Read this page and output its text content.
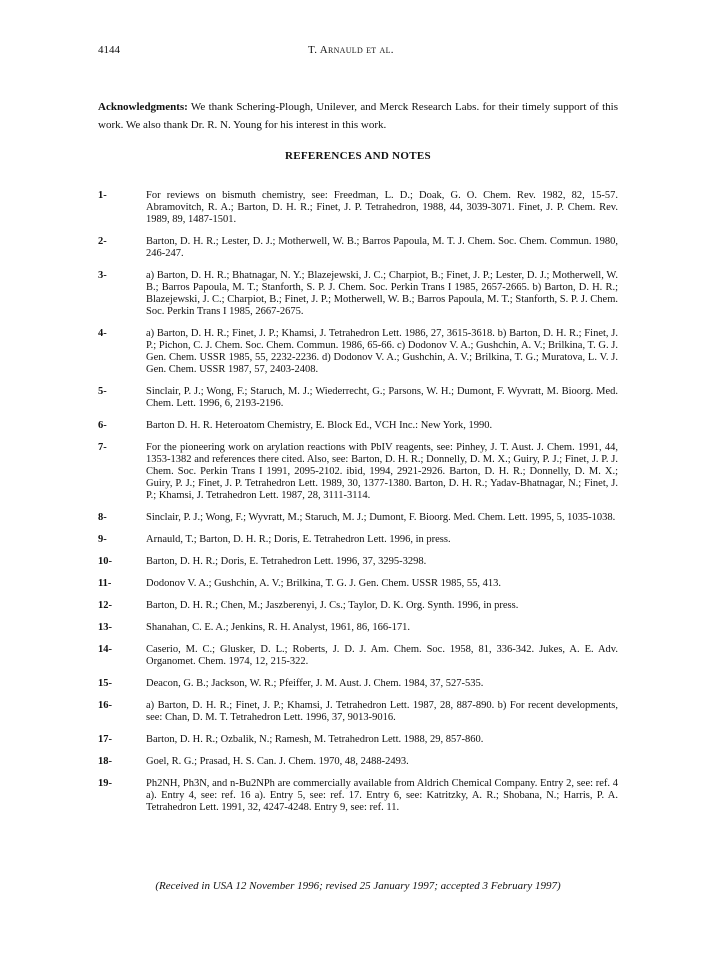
4144	T. Arnauld et al.
Acknowledgments: We thank Schering-Plough, Unilever, and Merck Research Labs. for their timely support of this work. We also thank Dr. R. N. Young for his interest in this work.
REFERENCES AND NOTES
1-	For reviews on bismuth chemistry, see: Freedman, L. D.; Doak, G. O. Chem. Rev. 1982, 82, 15-57. Abramovitch, R. A.; Barton, D. H. R.; Finet, J. P. Tetrahedron, 1988, 44, 3039-3071. Finet, J. P. Chem. Rev. 1989, 89, 1487-1501.
2-	Barton, D. H. R.; Lester, D. J.; Motherwell, W. B.; Barros Papoula, M. T. J. Chem. Soc. Chem. Commun. 1980, 246-247.
3-	a) Barton, D. H. R.; Bhatnagar, N. Y.; Blazejewski, J. C.; Charpiot, B.; Finet, J. P.; Lester, D. J.; Motherwell, W. B.; Barros Papoula, M. T.; Stanforth, S. P. J. Chem. Soc. Perkin Trans I 1985, 2657-2665. b) Barton, D. H. R.; Blazejewski, J. C.; Charpiot, B.; Finet, J. P.; Motherwell, W. B.; Barros Papoula, M. T.; Stanforth, S. P. J. Chem. Soc. Perkin Trans I 1985, 2667-2675.
4-	a) Barton, D. H. R.; Finet, J. P.; Khamsi, J. Tetrahedron Lett. 1986, 27, 3615-3618. b) Barton, D. H. R.; Finet, J. P.; Pichon, C. J. Chem. Soc. Chem. Commun. 1986, 65-66. c) Dodonov V. A.; Gushchin, A. V.; Brilkina, T. G. J. Gen. Chem. USSR 1985, 55, 2232-2236. d) Dodonov V. A.; Gushchin, A. V.; Brilkina, T. G.; Muratova, L. V. J. Gen. Chem. USSR 1987, 57, 2403-2408.
5-	Sinclair, P. J.; Wong, F.; Staruch, M. J.; Wiederrecht, G.; Parsons, W. H.; Dumont, F. Wyvratt, M. Bioorg. Med. Chem. Lett. 1996, 6, 2193-2196.
6-	Barton D. H. R. Heteroatom Chemistry, E. Block Ed., VCH Inc.: New York, 1990.
7-	For the pioneering work on arylation reactions with PbIV reagents, see: Pinhey, J. T. Aust. J. Chem. 1991, 44, 1353-1382 and references there cited. Also, see: Barton, D. H. R.; Donnelly, D. M. X.; Guiry, P. J.; Finet, J. P. J. Chem. Soc. Perkin Trans I 1991, 2095-2102. ibid, 1994, 2921-2926. Barton, D. H. R.; Donnelly, D. M. X.; Guiry, P. J.; Finet, J. P. Tetrahedron Lett. 1989, 30, 1377-1380. Barton, D. H. R.; Yadav-Bhatnagar, N.; Finet, J. P.; Khamsi, J. Tetrahedron Lett. 1987, 28, 3111-3114.
8-	Sinclair, P. J.; Wong, F.; Wyvratt, M.; Staruch, M. J.; Dumont, F. Bioorg. Med. Chem. Lett. 1995, 5, 1035-1038.
9-	Arnauld, T.; Barton, D. H. R.; Doris, E. Tetrahedron Lett. 1996, in press.
10-	Barton, D. H. R.; Doris, E. Tetrahedron Lett. 1996, 37, 3295-3298.
11-	Dodonov V. A.; Gushchin, A. V.; Brilkina, T. G. J. Gen. Chem. USSR 1985, 55, 413.
12-	Barton, D. H. R.; Chen, M.; Jaszberenyi, J. Cs.; Taylor, D. K. Org. Synth. 1996, in press.
13-	Shanahan, C. E. A.; Jenkins, R. H. Analyst, 1961, 86, 166-171.
14-	Caserio, M. C.; Glusker, D. L.; Roberts, J. D. J. Am. Chem. Soc. 1958, 81, 336-342. Jukes, A. E. Adv. Organomet. Chem. 1974, 12, 215-322.
15-	Deacon, G. B.; Jackson, W. R.; Pfeiffer, J. M. Aust. J. Chem. 1984, 37, 527-535.
16-	a) Barton, D. H. R.; Finet, J. P.; Khamsi, J. Tetrahedron Lett. 1987, 28, 887-890. b) For recent developments, see: Chan, D. M. T. Tetrahedron Lett. 1996, 37, 9013-9016.
17-	Barton, D. H. R.; Ozbalik, N.; Ramesh, M. Tetrahedron Lett. 1988, 29, 857-860.
18-	Goel, R. G.; Prasad, H. S. Can. J. Chem. 1970, 48, 2488-2493.
19-	Ph2NH, Ph3N, and n-Bu2NPh are commercially available from Aldrich Chemical Company. Entry 2, see: ref. 4 a). Entry 4, see: ref. 16 a). Entry 5, see: ref. 17. Entry 6, see: Katritzky, A. R.; Shobana, N.; Harris, P. A. Tetrahedron Lett. 1991, 32, 4247-4248. Entry 9, see: ref. 11.
(Received in USA 12 November 1996; revised 25 January 1997; accepted 3 February 1997)
